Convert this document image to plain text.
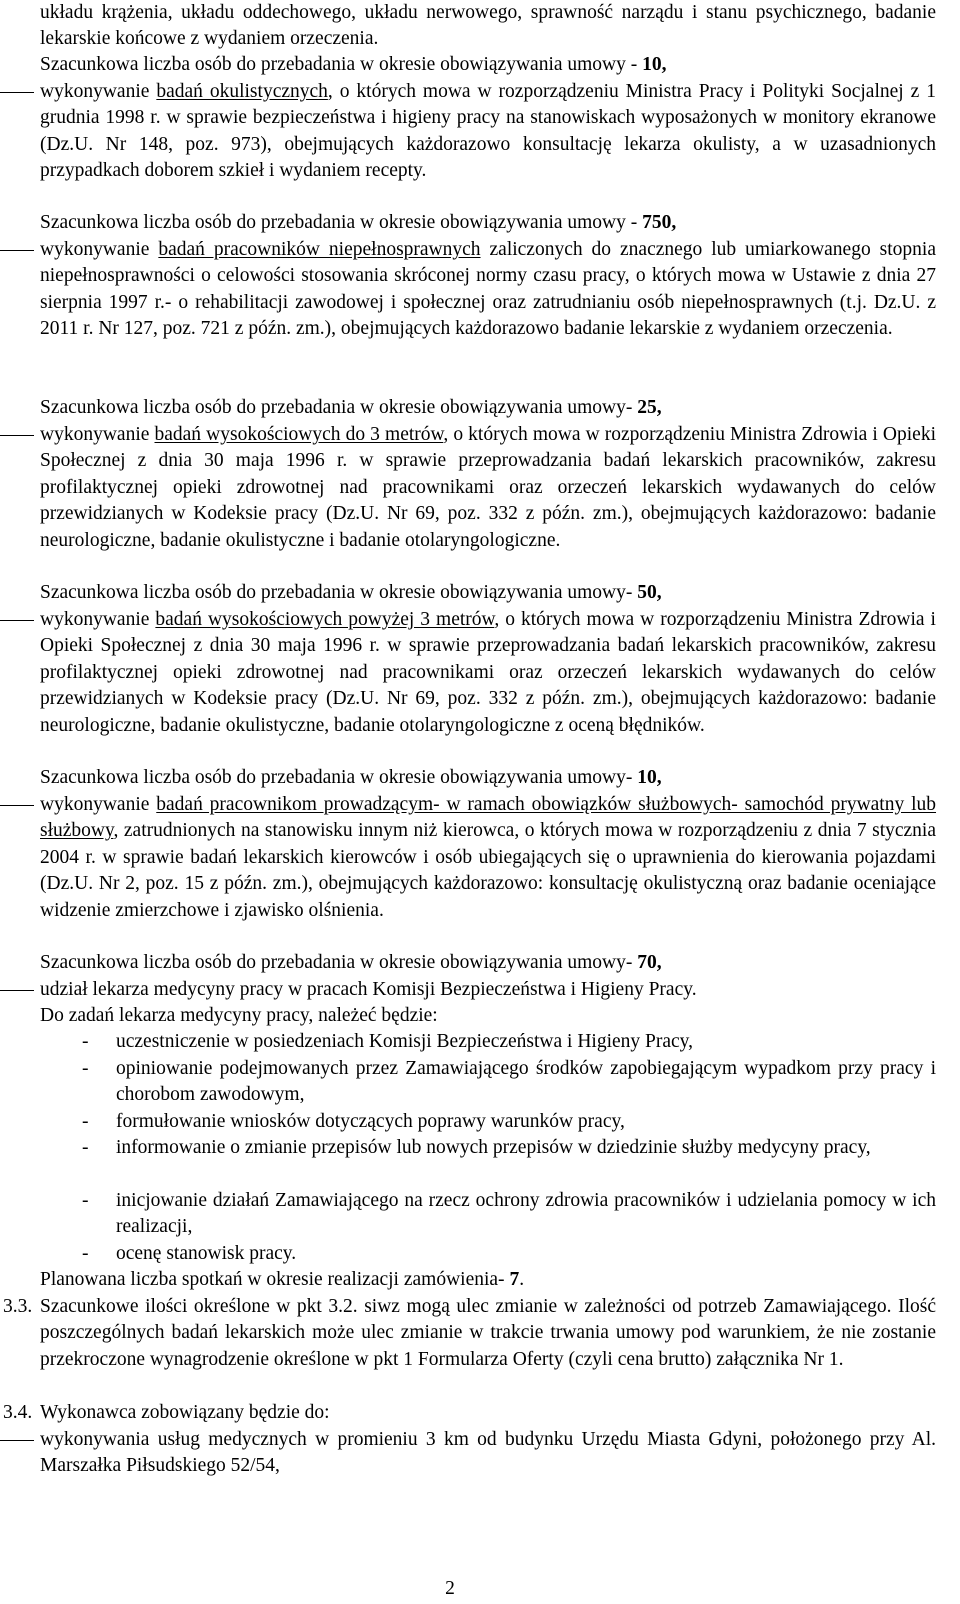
układu krążenia, układu oddechowego, układu nerwowego, sprawność narządu i stanu psychicznego, badanie lekarskie końcowe z wydaniem orzeczenia.
Szacunkowa liczba osób do przebadania w okresie obowiązywania umowy - 10,
wykonywanie badań okulistycznych, o których mowa w rozporządzeniu Ministra Pracy i Polityki Socjalnej z 1 grudnia 1998 r. w sprawie bezpieczeństwa i higieny pracy na stanowiskach wyposażonych w monitory ekranowe (Dz.U. Nr 148, poz. 973), obejmujących każdorazowo konsultację lekarza okulisty, a w uzasadnionych przypadkach doborem szkieł i wydaniem recepty.
Szacunkowa liczba osób do przebadania w okresie obowiązywania umowy - 750,
wykonywanie badań pracowników niepełnosprawnych zaliczonych do znacznego lub umiarkowanego stopnia niepełnosprawności o celowości stosowania skróconej normy czasu pracy, o których mowa w Ustawie z dnia 27 sierpnia 1997 r.- o rehabilitacji zawodowej i społecznej oraz zatrudnianiu osób niepełnosprawnych (t.j. Dz.U. z 2011 r. Nr 127, poz. 721 z późn. zm.), obejmujących każdorazowo badanie lekarskie z wydaniem orzeczenia.
Szacunkowa liczba osób do przebadania w okresie obowiązywania umowy- 25,
wykonywanie badań wysokościowych do 3 metrów, o których mowa w rozporządzeniu Ministra Zdrowia i Opieki Społecznej z dnia 30 maja 1996 r. w sprawie przeprowadzania badań lekarskich pracowników, zakresu profilaktycznej opieki zdrowotnej nad pracownikami oraz orzeczeń lekarskich wydawanych do celów przewidzianych w Kodeksie pracy (Dz.U. Nr 69, poz. 332 z późn. zm.), obejmujących każdorazowo: badanie neurologiczne, badanie okulistyczne i badanie otolaryngologiczne.
Szacunkowa liczba osób do przebadania w okresie obowiązywania umowy- 50,
wykonywanie badań wysokościowych powyżej 3 metrów, o których mowa w rozporządzeniu Ministra Zdrowia i Opieki Społecznej z dnia 30 maja 1996 r. w sprawie przeprowadzania badań lekarskich pracowników, zakresu profilaktycznej opieki zdrowotnej nad pracownikami oraz orzeczeń lekarskich wydawanych do celów przewidzianych w Kodeksie pracy (Dz.U. Nr 69, poz. 332 z późn. zm.), obejmujących każdorazowo: badanie neurologiczne, badanie okulistyczne, badanie otolaryngologiczne z oceną błędników.
Szacunkowa liczba osób do przebadania w okresie obowiązywania umowy- 10,
wykonywanie badań pracownikom prowadzącym- w ramach obowiązków służbowych- samochód prywatny lub służbowy, zatrudnionych na stanowisku innym niż kierowca, o których mowa w rozporządzeniu z dnia 7 stycznia 2004 r. w sprawie badań lekarskich kierowców i osób ubiegających się o uprawnienia do kierowania pojazdami (Dz.U. Nr 2, poz. 15 z późn. zm.), obejmujących każdorazowo: konsultację okulistyczną oraz badanie oceniające widzenie zmierzchowe i zjawisko olśnienia.
Szacunkowa liczba osób do przebadania w okresie obowiązywania umowy- 70,
udział lekarza medycyny pracy w pracach Komisji Bezpieczeństwa i Higieny Pracy.
Do zadań lekarza medycyny pracy, należeć będzie:
-	uczestniczenie w posiedzeniach Komisji Bezpieczeństwa i Higieny Pracy,
-	opiniowanie podejmowanych przez Zamawiającego środków zapobiegającym wypadkom przy pracy i chorobom zawodowym,
-	formułowanie wniosków dotyczących poprawy warunków pracy,
-	informowanie o zmianie przepisów lub nowych przepisów w dziedzinie służby medycyny pracy,
-	inicjowanie działań Zamawiającego na rzecz ochrony zdrowia pracowników i udzielania pomocy w ich realizacji,
-	ocenę stanowisk pracy.
Planowana liczba spotkań w okresie realizacji zamówienia- 7.
3.3. Szacunkowe ilości określone w pkt 3.2. siwz mogą ulec zmianie w zależności od potrzeb Zamawiającego. Ilość poszczególnych badań lekarskich może ulec zmianie w trakcie trwania umowy pod warunkiem, że nie zostanie przekroczone wynagrodzenie określone w pkt 1 Formularza Oferty (czyli cena brutto) załącznika Nr 1.
3.4. Wykonawca zobowiązany będzie do:
wykonywania usług medycznych w promieniu 3 km od budynku Urzędu Miasta Gdyni, położonego przy Al. Marszałka Piłsudskiego 52/54,
2
